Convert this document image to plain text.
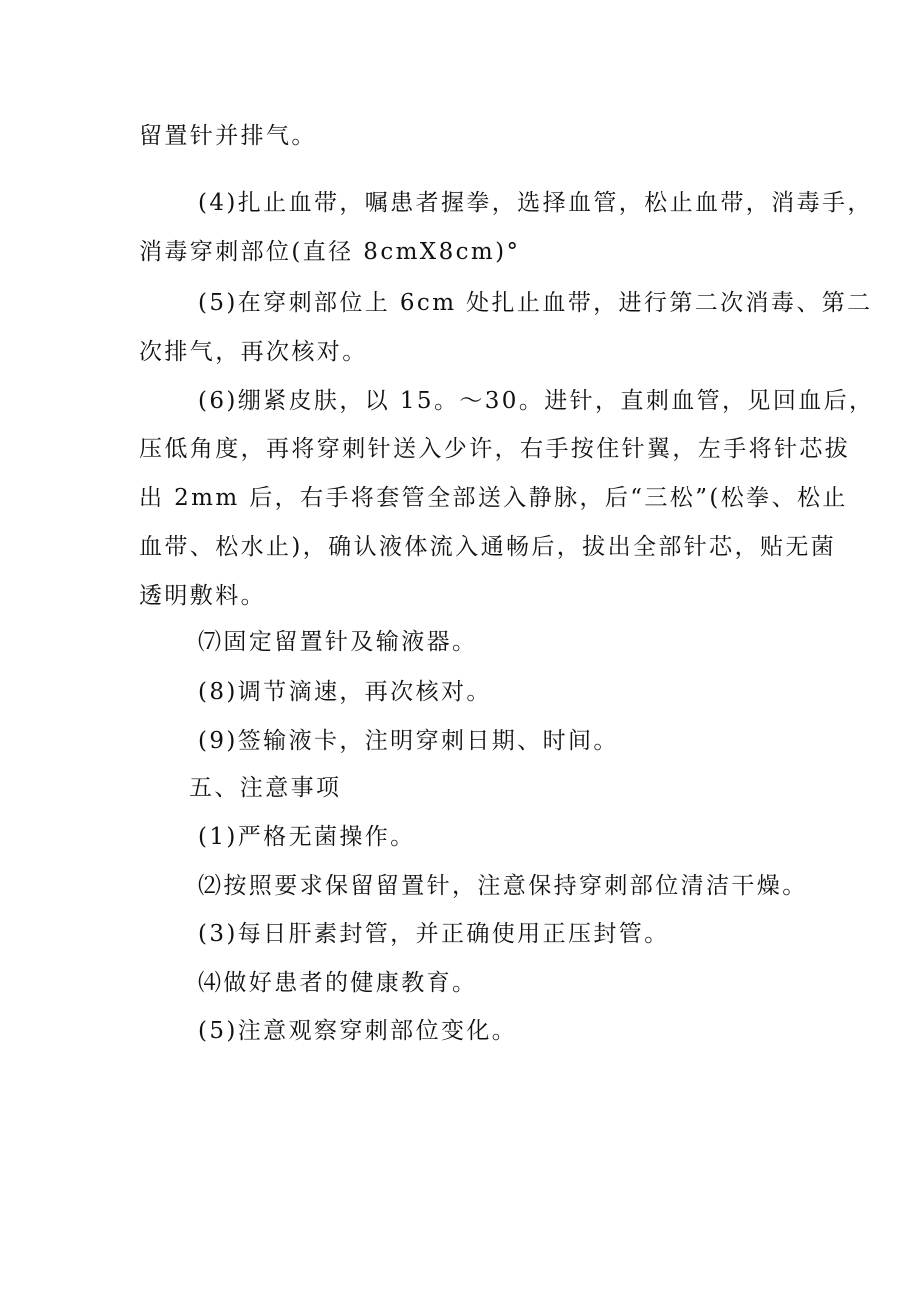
留置针并排气。
(4)扎止血带，嘱患者握拳，选择血管，松止血带，消毒手，
消毒穿刺部位(直径 8cmX8cm)°
(5)在穿刺部位上 6cm 处扎止血带，进行第二次消毒、第二
次排气，再次核对。
(6)绷紧皮肤，以 15。～30。进针，直刺血管，见回血后，
压低角度，再将穿刺针送入少许，右手按住针翼，左手将针芯拔
出 2mm 后，右手将套管全部送入静脉，后“三松”(松拳、松止
血带、松水止)，确认液体流入通畅后，拔出全部针芯，贴无菌
透明敷料。
⑺固定留置针及输液器。
(8)调节滴速，再次核对。
(9)签输液卡，注明穿刺日期、时间。
五、注意事项
(1)严格无菌操作。
⑵按照要求保留留置针，注意保持穿刺部位清洁干燥。
(3)每日肝素封管，并正确使用正压封管。
⑷做好患者的健康教育。
(5)注意观察穿刺部位变化。
